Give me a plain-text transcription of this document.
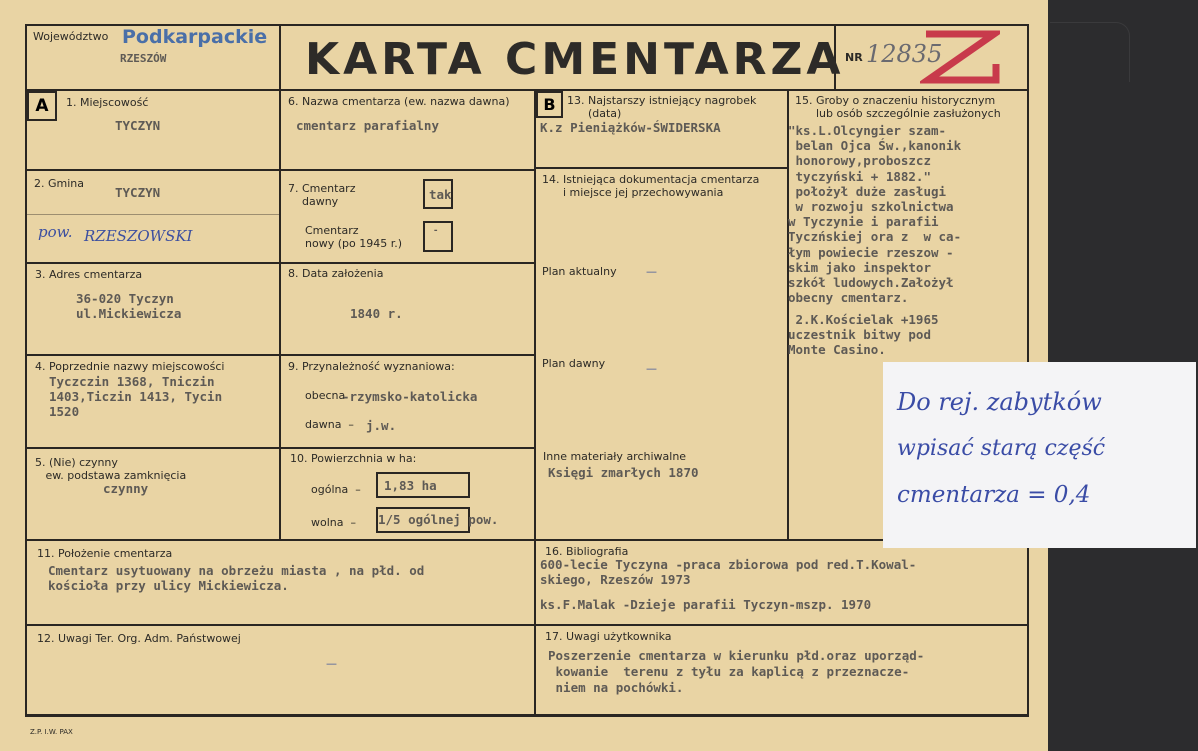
Województwo Podkarpackie
RZESZÓW	KARTA CMENTARZA NR 12835
A	1. Miejscowość
TYCZYN
2. Gmina
TYCZYN
pow. RZESZOWSKI
3. Adres cmentarza
36-020 Tyczyn
ul.Mickiewicza
4. Poprzednie nazwy miejscowości
Tyczczin 1368, Tniczin
1403,Ticzin 1413, Tycin
1520
5. (Nie) czynny
ew. podstawa zamknięcia
czynny
6. Nazwa cmentarza (ew. nazwa dawna)
cmentarz parafialny
7. Cmentarz
dawny	tak
Cmentarz
nowy (po 1945 r.)
-
8. Data założenia
1840 r.
9. Przynależność wyznaniowa:
obecna
-rzymsko-katolicka
dawna  – j.w.
10. Powierzchnia w ha:
ogólna  – 1,83 ha
wolna  – 1/5 ogólnej pow.
B	13. Najstarszy istniejący nagrobek
(data)
K.z Pieniążków-ŚWIDERSKA
14. Istniejąca dokumentacja cmentarza
i miejsce jej przechowywania
Plan aktualny	—
Plan dawny	—
Inne materiały archiwalne
Księgi zmarłych 1870
15. Groby o znaczeniu historycznym
lub osób szczególnie zasłużonych
"ks.L.Olcyngier szam-
belan Ojca Św.,kanonik
honorowy,proboszcz
tyczyński + 1882."
położył duże zasługi
w rozwoju szkolnictwa
w Tyczynie i parafii
Tyczńskiej ora z  w ca-
łym powiecie rzeszow -
skim jako inspektor
szkół ludowych.Założył
obecny cmentarz.
2.K.Kościelak +1965
uczestnik bitwy pod
Monte Casino.
11. Położenie cmentarza
Cmentarz usytuowany na obrzeżu miasta , na płd. od
kościoła przy ulicy Mickiewicza.
12. Uwagi Ter. Org. Adm. Państwowej
—
16. Bibliografia
600-lecie Tyczyna -praca zbiorowa pod red.T.Kowal-
skiego, Rzeszów 1973
ks.F.Malak -Dzieje parafii Tyczyn-mszp. 1970
17. Uwagi użytkownika
Poszerzenie cmentarza w kierunku płd.oraz uporząd-
kowanie  terenu z tyłu za kaplicą z przeznacze-
niem na pochówki.
Z.P. I.W. PAX
Do rej. zabytków
wpisać starą część
cmentarza = 0,4
